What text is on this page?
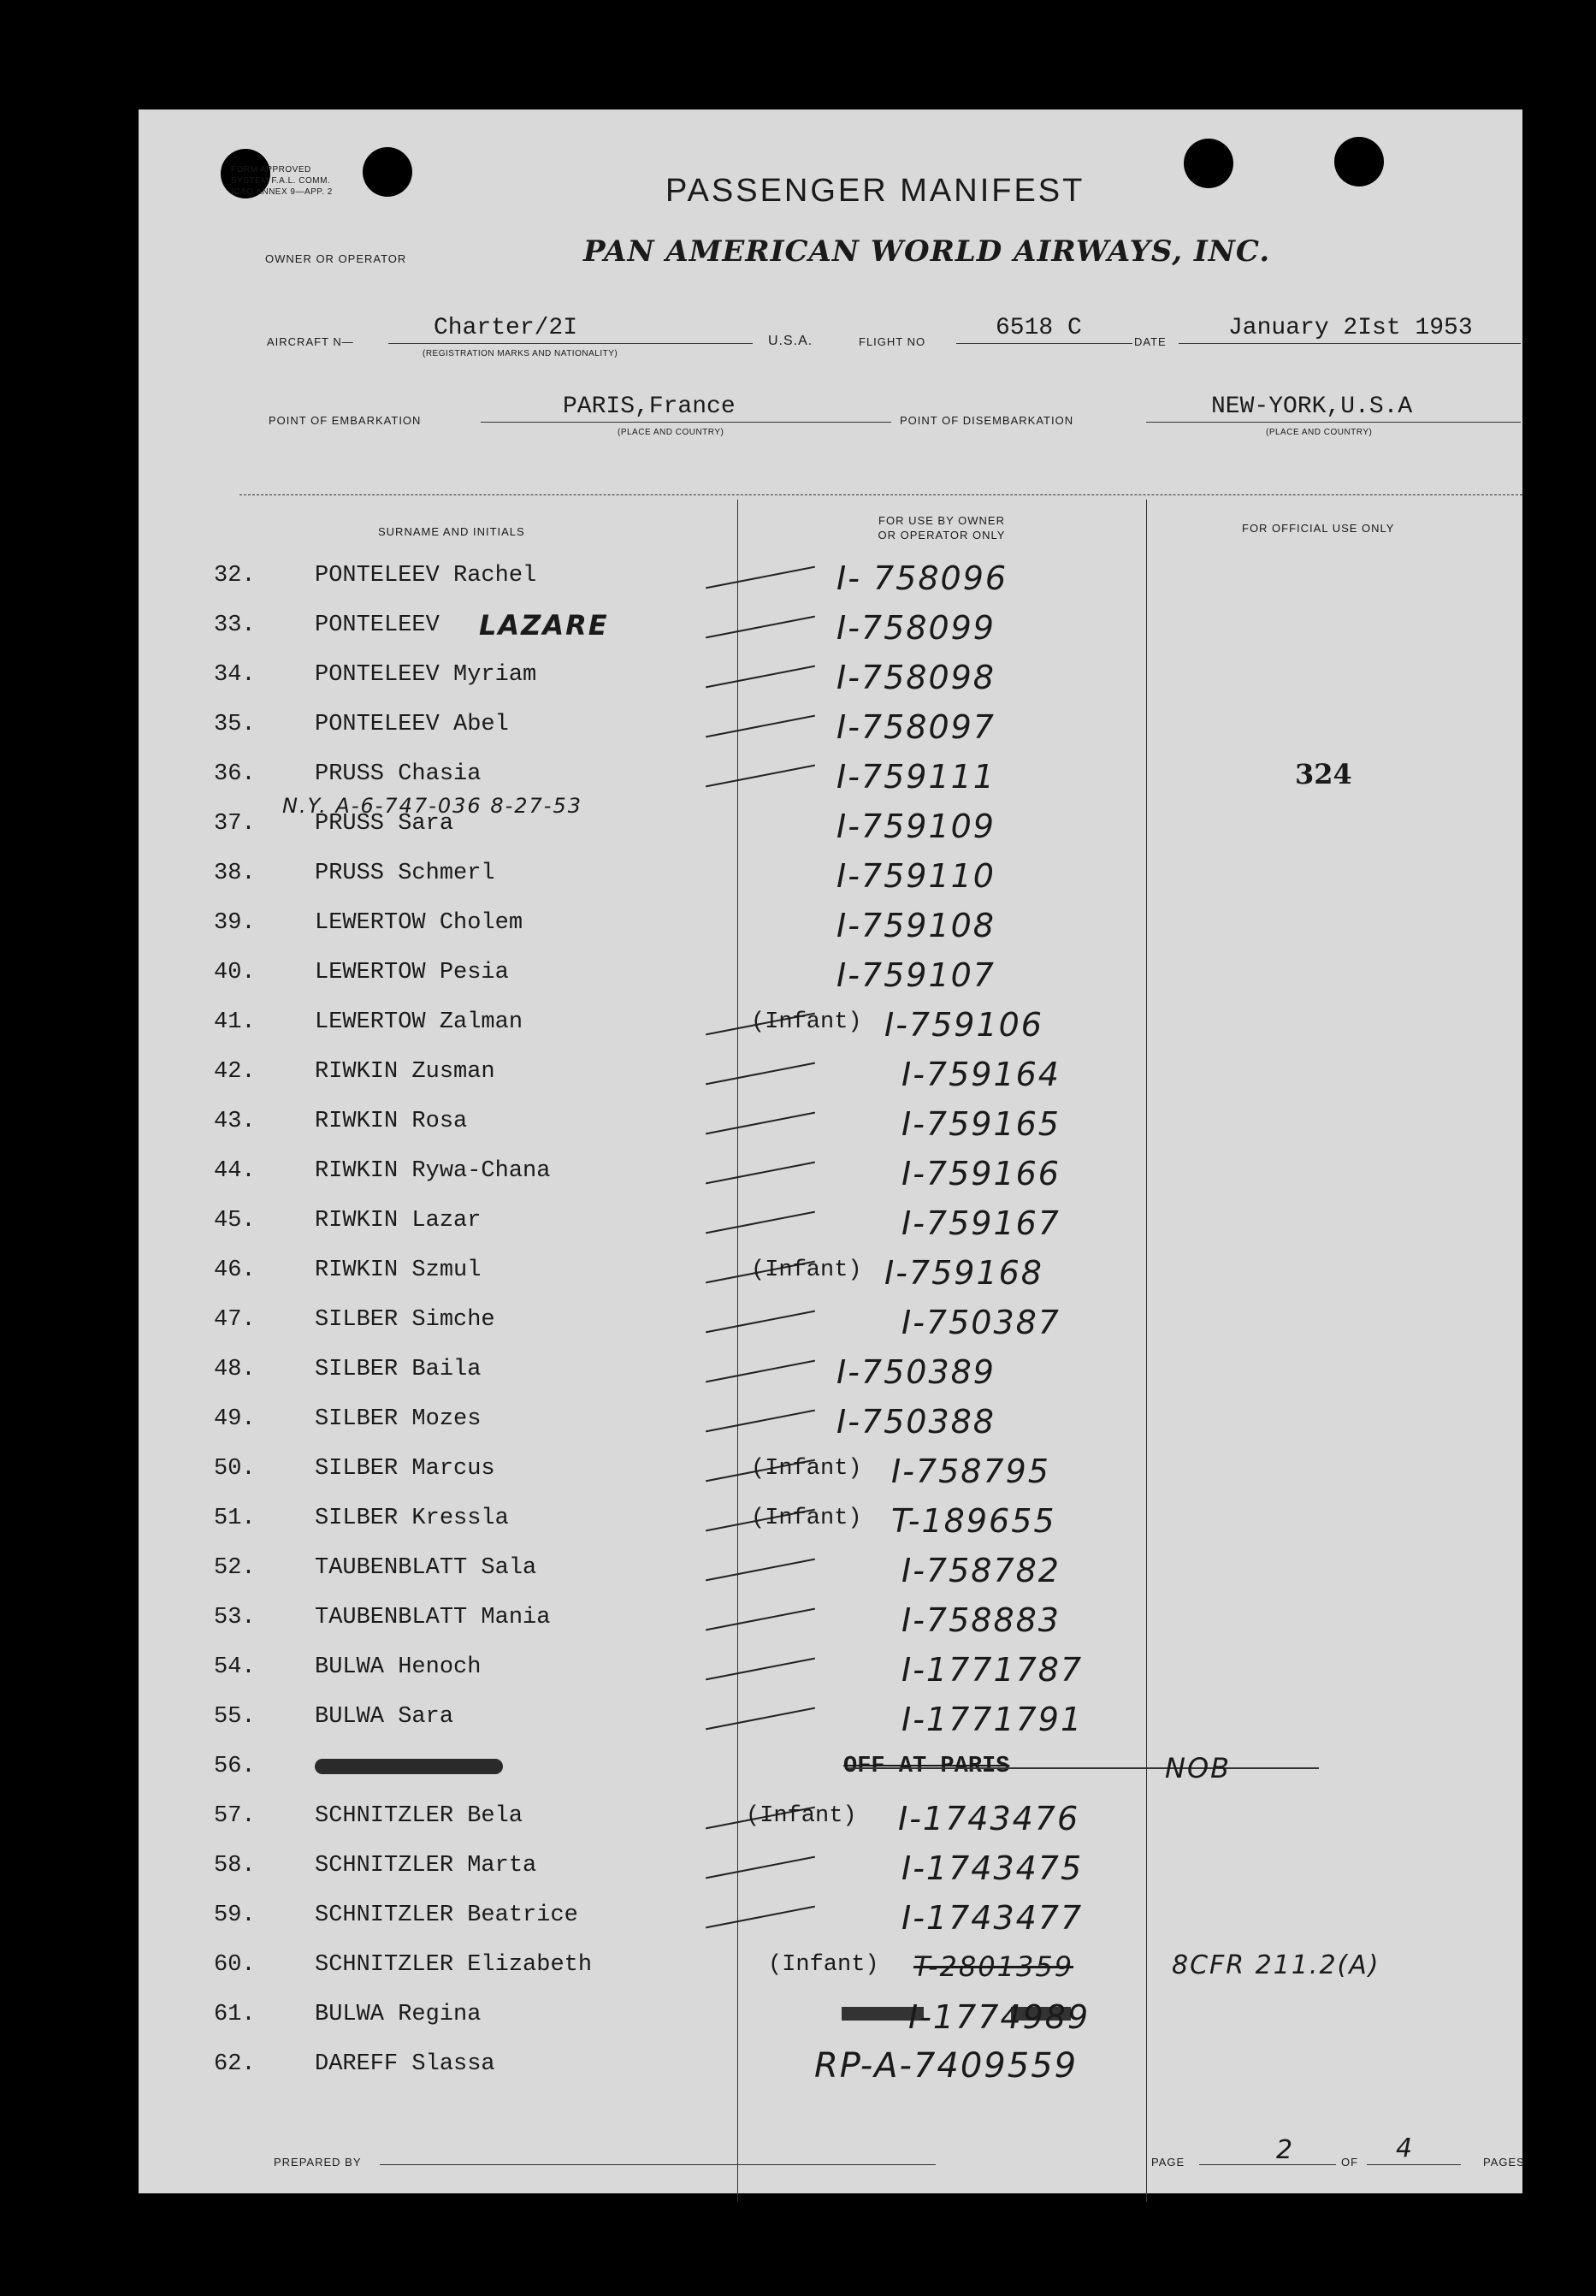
FORM APPROVED
SYSTEM F.A.L. COMM.
ICAO ANNEX 9—APP. 2	PASSENGER MANIFEST
OWNER OR OPERATOR	PAN AMERICAN WORLD AIRWAYS, INC.
AIRCRAFT N—
Charter/2I
(REGISTRATION MARKS AND NATIONALITY)
U.S.A.	FLIGHT NO
6518 C
DATE
January 2Ist 1953
POINT OF EMBARKATION
PARIS,France
(PLACE AND COUNTRY)
POINT OF DISEMBARKATION
NEW-YORK,U.S.A
(PLACE AND COUNTRY)
SURNAME AND INITIALS
FOR USE BY OWNER
OR OPERATOR ONLY
FOR OFFICIAL USE ONLY
32.	PONTELEEV Rachel	I- 758096
33.	PONTELEEV LAZARE	I-758099
34.	PONTELEEV Myriam	I-758098
35.	PONTELEEV Abel	I-758097
36.	PRUSS Chasia	I-759111	324
N.Y. A-6-747-036 8-27-53
37.	PRUSS Sara	I-759109
38.	PRUSS Schmerl	I-759110
39.	LEWERTOW Cholem	I-759108
40.	LEWERTOW Pesia	I-759107
41.	LEWERTOW Zalman	(Infant) I-759106
42.	RIWKIN Zusman	I-759164
43.	RIWKIN Rosa	I-759165
44.	RIWKIN Rywa-Chana	I-759166
45.	RIWKIN Lazar	I-759167
46.	RIWKIN Szmul	(Infant) I-759168
47.	SILBER Simche	I-750387
48.	SILBER Baila	I-750389
49.	SILBER Mozes	I-750388
50.	SILBER Marcus	(Infant) I-758795
51.	SILBER Kressla	(Infant) T-189655
52.	TAUBENBLATT Sala	I-758782
53.	TAUBENBLATT Mania	I-758883
54.	BULWA Henoch	I-1771787
55.	BULWA Sara	I-1771791
56.	OFF AT PARIS	NOB
57.	SCHNITZLER Bela	(Infant) I-1743476
58.	SCHNITZLER Marta	I-1743475
59.	SCHNITZLER Beatrice	I-1743477
60.	SCHNITZLER Elizabeth	(Infant) T-2801359	8CFR 211.2(A)
61.	BULWA Regina	I-1774989
62.	DAREFF Slassa	RP-A-7409559
PREPARED BY	PAGE	2	OF 4	PAGES
